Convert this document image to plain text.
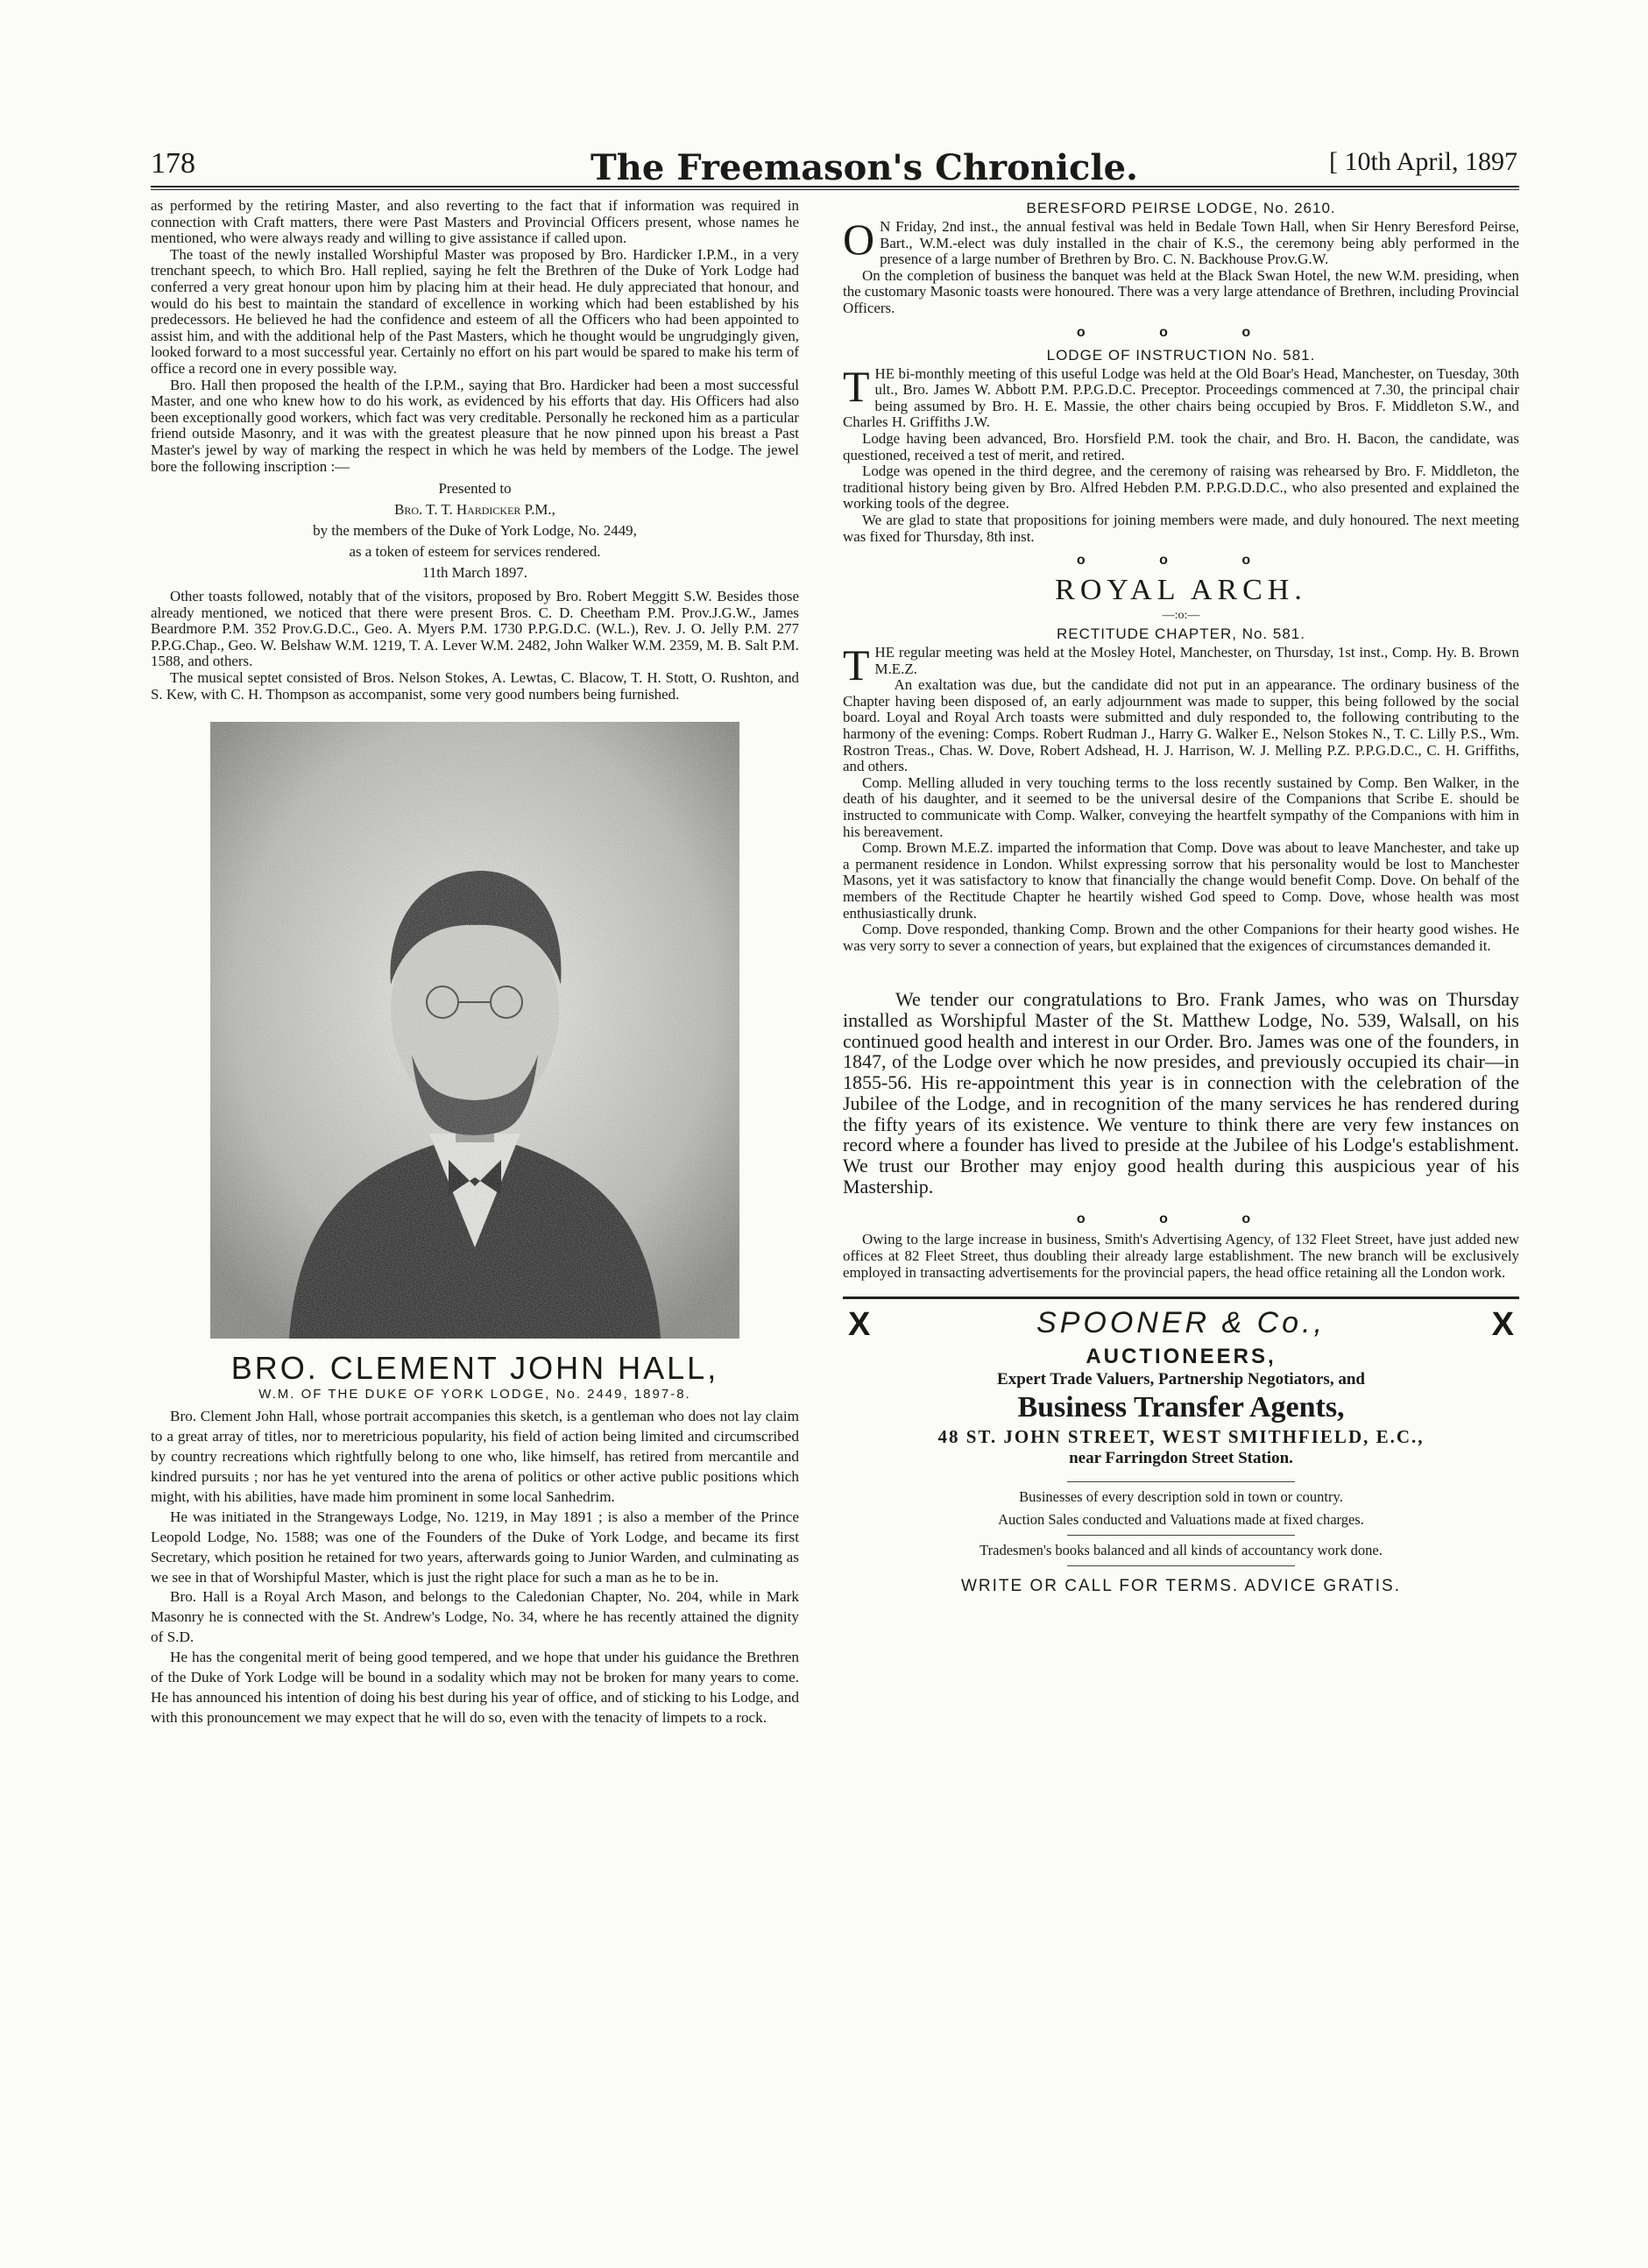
178	The Freemason's Chronicle.	[ 10th April, 1897

as performed by the retiring Master, and also reverting to the fact that if information was required in connection with Craft matters, there were Past Masters and Provincial Officers present, whose names he mentioned, who were always ready and willing to give assistance if called upon.

The toast of the newly installed Worshipful Master was proposed by Bro. Hardicker I.P.M., in a very trenchant speech, to which Bro. Hall replied, saying he felt the Brethren of the Duke of York Lodge had conferred a very great honour upon him by placing him at their head. He duly appreciated that honour, and would do his best to maintain the standard of excellence in working which had been established by his predecessors. He believed he had the confidence and esteem of all the Officers who had been appointed to assist him, and with the additional help of the Past Masters, which he thought would be ungrudgingly given, looked forward to a most successful year. Certainly no effort on his part would be spared to make his term of office a record one in every possible way.

Bro. Hall then proposed the health of the I.P.M., saying that Bro. Hardicker had been a most successful Master, and one who knew how to do his work, as evidenced by his efforts that day. His Officers had also been exceptionally good workers, which fact was very creditable. Personally he reckoned him as a particular friend outside Masonry, and it was with the greatest pleasure that he now pinned upon his breast a Past Master's jewel by way of marking the respect in which he was held by members of the Lodge. The jewel bore the following inscription :—

Presented to

Bro. T. T. Hardicker P.M.,

by the members of the Duke of York Lodge, No. 2449,

as a token of esteem for services rendered.

11th March 1897.

Other toasts followed, notably that of the visitors, proposed by Bro. Robert Meggitt S.W. Besides those already mentioned, we noticed that there were present Bros. C. D. Cheetham P.M. Prov.J.G.W., James Beardmore P.M. 352 Prov.G.D.C., Geo. A. Myers P.M. 1730 P.P.G.D.C. (W.L.), Rev. J. O. Jelly P.M. 277 P.P.G.Chap., Geo. W. Belshaw W.M. 1219, T. A. Lever W.M. 2482, John Walker W.M. 2359, M. B. Salt P.M. 1588, and others.

The musical septet consisted of Bros. Nelson Stokes, A. Lewtas, C. Blacow, T. H. Stott, O. Rushton, and S. Kew, with C. H. Thompson as accompanist, some very good numbers being furnished.

BRO. CLEMENT JOHN HALL,
W.M. OF THE DUKE OF YORK LODGE, No. 2449, 1897-8.

Bro. Clement John Hall, whose portrait accompanies this sketch, is a gentleman who does not lay claim to a great array of titles, nor to meretricious popularity, his field of action being limited and circumscribed by country recreations which rightfully belong to one who, like himself, has retired from mercantile and kindred pursuits ; nor has he yet ventured into the arena of politics or other active public positions which might, with his abilities, have made him prominent in some local Sanhedrim.

He was initiated in the Strangeways Lodge, No. 1219, in May 1891 ; is also a member of the Prince Leopold Lodge, No. 1588; was one of the Founders of the Duke of York Lodge, and became its first Secretary, which position he retained for two years, afterwards going to Junior Warden, and culminating as we see in that of Worshipful Master, which is just the right place for such a man as he to be in.

Bro. Hall is a Royal Arch Mason, and belongs to the Caledonian Chapter, No. 204, while in Mark Masonry he is connected with the St. Andrew's Lodge, No. 34, where he has recently attained the dignity of S.D.

He has the congenital merit of being good tempered, and we hope that under his guidance the Brethren of the Duke of York Lodge will be bound in a sodality which may not be broken for many years to come. He has announced his intention of doing his best during his year of office, and of sticking to his Lodge, and with this pronouncement we may expect that he will do so, even with the tenacity of limpets to a rock.

BERESFORD PEIRSE LODGE, No. 2610.

O N Friday, 2nd inst., the annual festival was held in Bedale Town Hall, when Sir Henry Beresford Peirse, Bart., W.M.-elect was duly installed in the chair of K.S., the ceremony being ably performed in the presence of a large number of Brethren by Bro. C. N. Backhouse Prov.G.W.

On the completion of business the banquet was held at the Black Swan Hotel, the new W.M. presiding, when the customary Masonic toasts were honoured. There was a very large attendance of Brethren, including Provincial Officers.

o o o
LODGE OF INSTRUCTION No. 581.

THE bi-monthly meeting of this useful Lodge was held at the Old Boar's Head, Manchester, on Tuesday, 30th ult., Bro. James W. Abbott P.M. P.P.G.D.C. Preceptor. Proceedings commenced at 7.30, the principal chair being assumed by Bro. H. E. Massie, the other chairs being occupied by Bros. F. Middleton S.W., and Charles H. Griffiths J.W.

Lodge having been advanced, Bro. Horsfield P.M. took the chair, and Bro. H. Bacon, the candidate, was questioned, received a test of merit, and retired.

Lodge was opened in the third degree, and the ceremony of raising was rehearsed by Bro. F. Middleton, the traditional history being given by Bro. Alfred Hebden P.M. P.P.G.D.D.C., who also presented and explained the working tools of the degree.

We are glad to state that propositions for joining members were made, and duly honoured. The next meeting was fixed for Thursday, 8th inst.

o o o
ROYAL ARCH.
—:o:—
RECTITUDE CHAPTER, No. 581.

THE regular meeting was held at the Mosley Hotel, Manchester, on Thursday, 1st inst., Comp. Hy. B. Brown M.E.Z.

An exaltation was due, but the candidate did not put in an appearance. The ordinary business of the Chapter having been disposed of, an early adjournment was made to supper, this being followed by the social board. Loyal and Royal Arch toasts were submitted and duly responded to, the following contributing to the harmony of the evening: Comps. Robert Rudman J., Harry G. Walker E., Nelson Stokes N., T. C. Lilly P.S., Wm. Rostron Treas., Chas. W. Dove, Robert Adshead, H. J. Harrison, W. J. Melling P.Z. P.P.G.D.C., C. H. Griffiths, and others.

Comp. Melling alluded in very touching terms to the loss recently sustained by Comp. Ben Walker, in the death of his daughter, and it seemed to be the universal desire of the Companions that Scribe E. should be instructed to communicate with Comp. Walker, conveying the heartfelt sympathy of the Companions with him in his bereavement.

Comp. Brown M.E.Z. imparted the information that Comp. Dove was about to leave Manchester, and take up a permanent residence in London. Whilst expressing sorrow that his personality would be lost to Manchester Masons, yet it was satisfactory to know that financially the change would benefit Comp. Dove. On behalf of the members of the Rectitude Chapter he heartily wished God speed to Comp. Dove, whose health was most enthusiastically drunk.

Comp. Dove responded, thanking Comp. Brown and the other Companions for their hearty good wishes. He was very sorry to sever a connection of years, but explained that the exigences of circumstances demanded it.

We tender our congratulations to Bro. Frank James, who was on Thursday installed as Worshipful Master of the St. Matthew Lodge, No. 539, Walsall, on his continued good health and interest in our Order. Bro. James was one of the founders, in 1847, of the Lodge over which he now presides, and previously occupied its chair—in 1855-56. His re-appointment this year is in connection with the celebration of the Jubilee of the Lodge, and in recognition of the many services he has rendered during the fifty years of its existence. We venture to think there are very few instances on record where a founder has lived to preside at the Jubilee of his Lodge's establishment. We trust our Brother may enjoy good health during this auspicious year of his Mastership.

o o o

Owing to the large increase in business, Smith's Advertising Agency, of 132 Fleet Street, have just added new offices at 82 Fleet Street, thus doubling their already large establishment. The new branch will be exclusively employed in transacting advertisements for the provincial papers, the head office retaining all the London work.

X	SPOONER & Co.,	X
AUCTIONEERS,
Expert Trade Valuers, Partnership Negotiators, and
Business Transfer Agents,
48 ST. JOHN STREET, WEST SMITHFIELD, E.C.,
near Farringdon Street Station.
Businesses of every description sold in town or country.
Auction Sales conducted and Valuations made at fixed charges.
Tradesmen's books balanced and all kinds of accountancy work done.
WRITE OR CALL FOR TERMS. ADVICE GRATIS.
